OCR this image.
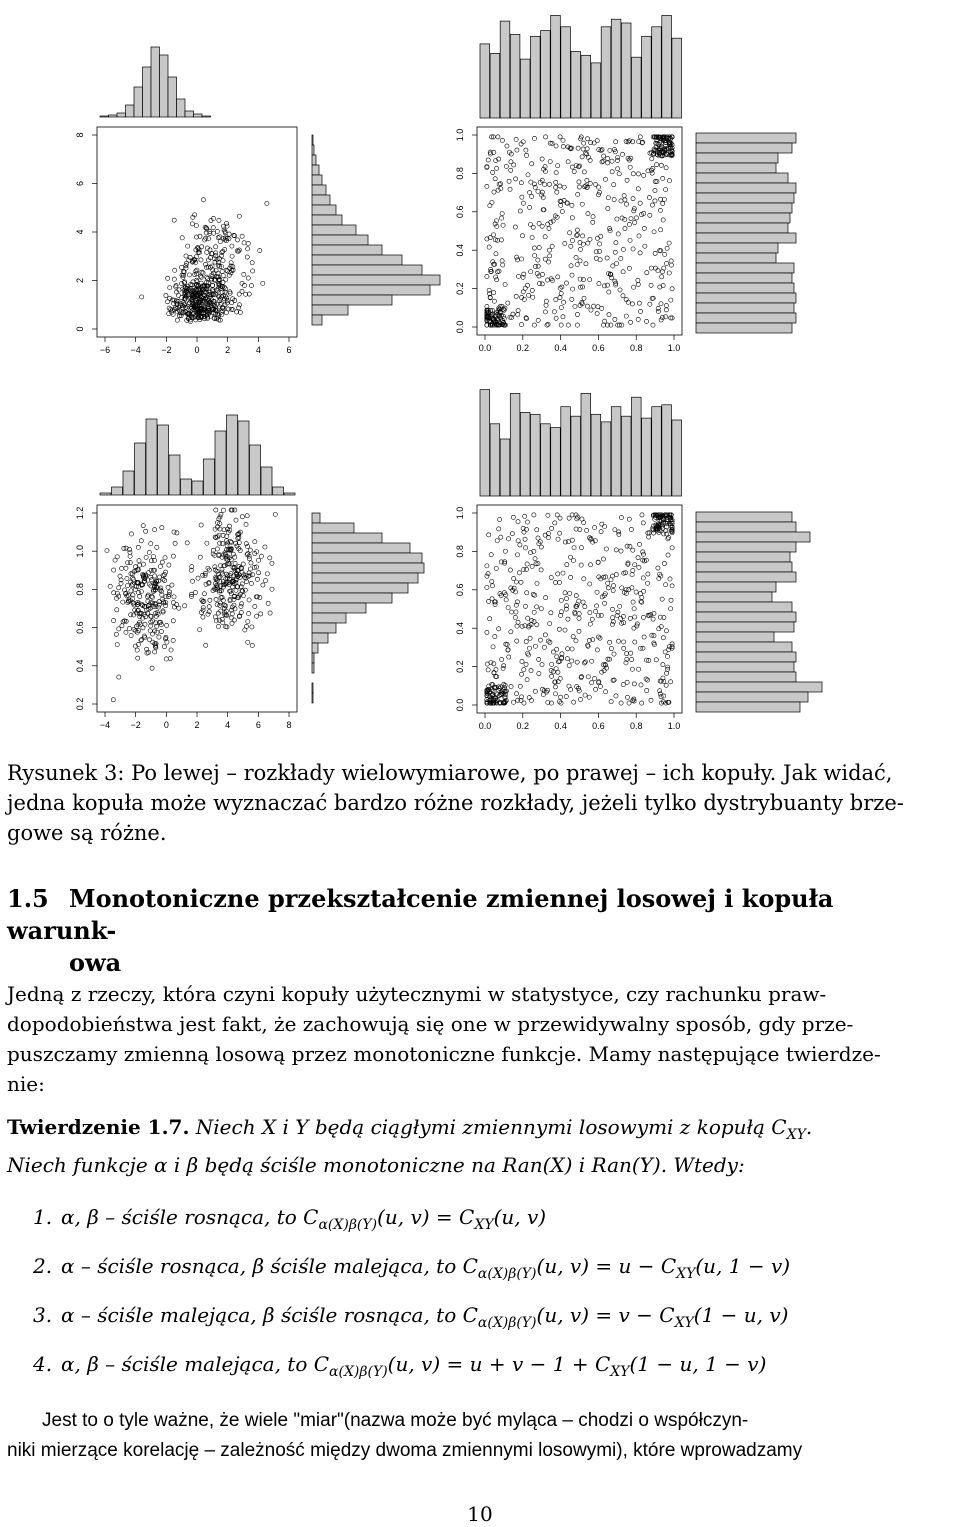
−6 −4 −2	0	2	4	6
0
2
4
6
8
0.0	0.2	0.4	0.6	0.8	1.0
0.0
0.2
0.4
0.6
0.8
1.0
−4 −2	0	2	4	6	8
0.2
0.4
0.6
0.8
1.0
1.2
0.0	0.2	0.4	0.6	0.8	1.0
0.0
0.2
0.4
0.6
0.8
1.0
Rysunek 3: Po lewej – rozkłady wielowymiarowe, po prawej – ich kopuły. Jak widać,
jedna kopuła może wyznaczać bardzo różne rozkłady, jeżeli tylko dystrybuanty brze-
gowe są różne.
1.5 Monotoniczne przekształcenie zmiennej losowej i kopuła warunk-
owa
Jedną z rzeczy, która czyni kopuły użytecznymi w statystyce, czy rachunku praw-
dopodobieństwa jest fakt, że zachowują się one w przewidywalny sposób, gdy prze-
puszczamy zmienną losową przez monotoniczne funkcje. Mamy następujące twierdze-
nie:
Twierdzenie 1.7. Niech X i Y będą ciągłymi zmiennymi losowymi z kopułą $C_{XY}$.
Niech funkcje α i β będą ściśle monotoniczne na Ran(X) i Ran(Y). Wtedy:
1. α, β – ściśle rosnąca, to $C_{\alpha(X)\beta(Y)}(u$, $v) = C_{XY}(u$, v)
2. α – ściśle rosnąca, β ściśle malejąca, to $C_{\alpha(X)\beta(Y)}(u$, $v) = u - C_{XY}(u$, 1 − v)
3. α – ściśle malejąca, β ściśle rosnąca, to $C_{\alpha(X)\beta(Y)}(u$, $v) = v - C_{XY}(1 - u$, v)
4. α, β – ściśle malejąca, to $C_{\alpha(X)\beta(Y)}(u$, $v) = u + v - 1 + C_{XY}(1 - u$, 1 − v)
Jest to o tyle ważne, że wiele "miar"(nazwa może być myląca – chodzi o współczyn-
niki mierzące korelację – zależność między dwoma zmiennymi losowymi), które wprowadzamy
10
